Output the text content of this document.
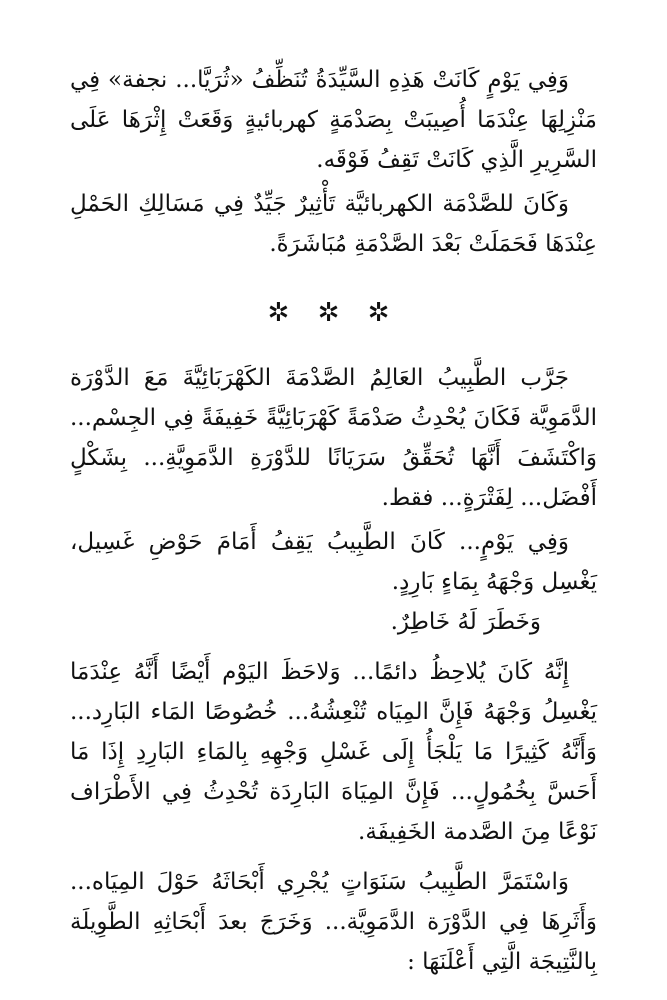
وَفِي يَوْمٍ كَانَتْ هَذِهِ السَّيِّدَةُ تُنَظِّفُ «ثُرَيَّا... نجفة» فِي مَنْزِلِهَا عِنْدَمَا أُصِيبَتْ بِصَدْمَةٍ كهربائيةٍ وَقَعَتْ إِثْرَهَا عَلَى السَّرِيرِ الَّذِي كَانَتْ تَقِفُ فَوْقَه.

وَكَانَ للصَّدْمَة الكهربائيَّة تَأْثِيرٌ جَيِّدٌ فِي مَسَالِكِ الحَمْلِ عِنْدَهَا فَحَمَلَتْ بَعْدَ الصَّدْمَةِ مُبَاشَرَةً.

✲ ✲ ✲

جَرَّب الطَّبِيبُ العَالِمُ الصَّدْمَةَ الكَهْرَبَائِيَّةَ مَعَ الدَّوْرَة الدَّمَوِيَّة فَكَانَ يُحْدِثُ صَدْمَةً كَهْرَبَائِيَّةً خَفِيفَةً فِي الجِسْم... وَاكْتَشَفَ أَنَّهَا تُحَقِّقُ سَرَيَانًا للدَّوْرَةِ الدَّمَوِيَّةِ... بِشَكْلٍ أَفْضَل... لِفَتْرَةٍ... فقط.

وَفِي يَوْمٍ... كَانَ الطَّبِيبُ يَقِفُ أَمَامَ حَوْضِ غَسِيل، يَغْسِل وَجْهَهُ بِمَاءٍ بَارِدٍ.

وَخَطَرَ لَهُ خَاطِرٌ.

إِنَّهُ كَانَ يُلاحِظُ دائمًا... وَلاحَظَ اليَوْم أَيْضًا أَنَّهُ عِنْدَمَا يَغْسِلُ وَجْهَهُ فَإِنَّ المِيَاه تُنْعِشُهُ... خُصُوصًا المَاء البَارِد... وَأَنَّهُ كَثِيرًا مَا يَلْجَأُ إِلَى غَسْلِ وَجْهِهِ بِالمَاءِ البَارِدِ إِذَا مَا أَحَسَّ بِخُمُولٍ... فَإِنَّ المِيَاهَ البَارِدَة تُحْدِثُ فِي الأَطْرَاف نَوْعًا مِنَ الصَّدمة الخَفِيفَة.

وَاسْتَمَرَّ الطَّبِيبُ سَنَوَاتٍ يُجْرِي أَبْحَاثَهُ حَوْلَ المِيَاه... وَأَثَرِهَا فِي الدَّوْرَة الدَّمَوِيَّة... وَخَرَجَ بعدَ أَبْحَاثِهِ الطَّوِيلَة بِالنَّتِيجَة الَّتِي أَعْلَنَهَا :
